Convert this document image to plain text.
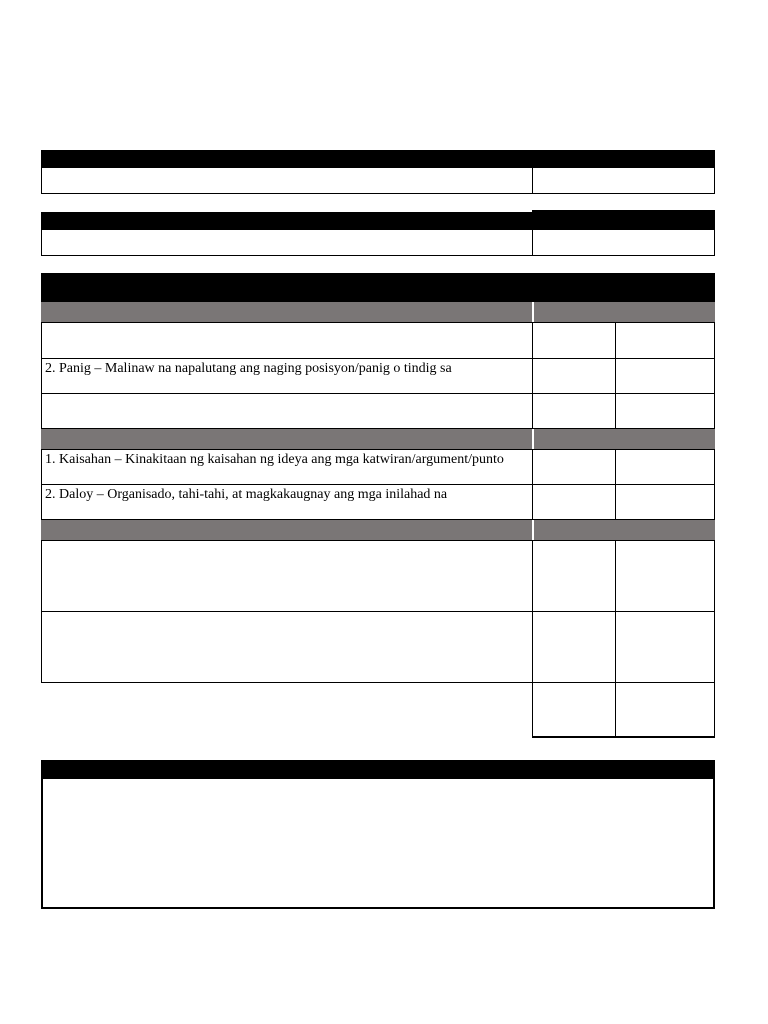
2. Panig – Malinaw na napalutang ang naging posisyon/panig o tindig sa
1. Kaisahan – Kinakitaan ng kaisahan ng ideya ang mga katwiran/argument/punto
2. Daloy – Organisado, tahi-tahi, at magkakaugnay ang mga inilahad na
